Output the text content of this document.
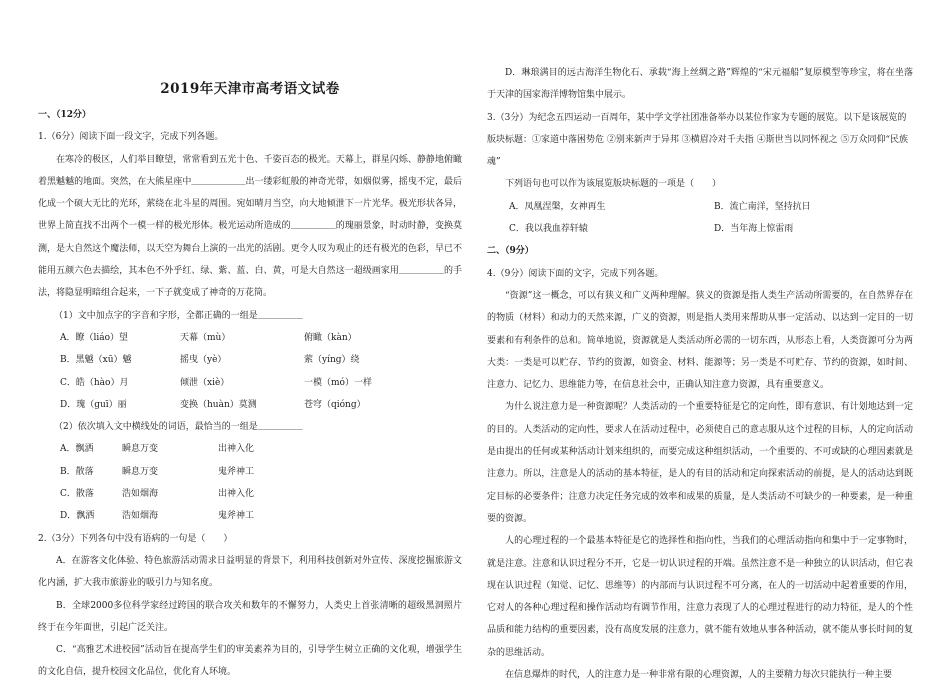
2019年天津市高考语文试卷

一、（12分）

1.（6分）阅读下面一段文字，完成下列各题。

在寒冷的极区，人们举目瞭望，常常看到五光十色、千姿百态的极光。天幕上，群星闪烁、静静地俯瞰着黑魆魆的地面。突然，在大熊星座中＿＿＿＿＿＿出一缕彩虹般的神奇光带，如烟似雾，摇曳不定，最后化成一个硕大无比的光环，萦绕在北斗星的周围。宛如晴月当空，向大地倾泄下一片光华。极光形状各异，世界上简直找不出两个一模一样的极光形体。极光运动所造成的＿＿＿＿＿的瑰丽景象，时动时静，变换莫测，是大自然这个魔法师，以天空为舞台上演的一出光的活剧。更令人叹为观止的还有极光的色彩，早已不能用五颜六色去描绘，其本色不外乎红、绿、紫、蓝、白、黄，可是大自然这一超级画家用＿＿＿＿＿的手法，将隐显明暗组合起来，一下子就变成了神奇的万花筒。

（1）文中加点字的字音和字形，全都正确的一组是＿＿＿＿＿

A．瞭（liáo）望	天幕（mù）	俯瞰（kàn）
B．黑魆（xū）魆	摇曳（yè）	萦（yíng）绕
C．皓（hào）月	倾泄（xiè）	一模（mó）一样
D．瑰（guī）丽	变换（huàn）莫测	苍穹（qióng）

（2）依次填入文中横线处的词语，最恰当的一组是＿＿＿＿＿

A．飘洒	瞬息万变	出神入化
B．散落	瞬息万变	鬼斧神工
C．散落	浩如烟海	出神入化
D．飘洒	浩如烟海	鬼斧神工

2.（3分）下列各句中没有语病的一句是（　　）

A．在游客文化体验、特色旅游活动需求日益明显的背景下，利用科技创新对外宣传、深度挖掘旅游文化内涵，扩大我市旅游业的吸引力与知名度。

B．全球2000多位科学家经过跨国的联合攻关和数年的不懈努力，人类史上首张清晰的超级黑洞照片终于在今年面世，引起广泛关注。

C．“高雅艺术进校园”活动旨在提高学生们的审美素养为目的，引导学生树立正确的文化观，增强学生的文化自信，提升校园文化品位，优化育人环境。

D．琳琅满目的远古海洋生物化石、承载“海上丝绸之路”辉煌的“宋元福船”复原模型等珍宝，将在坐落于天津的国家海洋博物馆集中展示。

3.（3分）为纪念五四运动一百周年，某中学文学社团准备举办以某位作家为专题的展览。以下是该展览的版块标题：①家道中落困势危 ②别来新声于异邦 ③横眉冷对千夫指 ④斯世当以同怀视之 ⑤万众同仰“民族魂”

下列语句也可以作为该展览版块标题的一项是（　　）

A．凤凰涅槃，女神再生	B．流亡南洋，坚持抗日
C．我以我血荐轩辕	D．当年海上惊雷雨

二、（9分）

4.（9分）阅读下面的文字，完成下列各题。

“资源”这一概念，可以有狭义和广义两种理解。狭义的资源是指人类生产活动所需要的，在自然界存在的物质（材料）和动力的天然来源，广义的资源，则是指人类用来帮助从事一定活动、以达到一定目的一切要素和有利条件的总和。简单地说，资源就是人类活动所必需的一切东西，从形态上看，人类资源可分为两大类：一类是可以贮存、节约的资源，如资金、材料、能源等；另一类是不可贮存、节约的资源，如时间、注意力、记忆力、思维能力等，在信息社会中，正确认知注意力资源，具有重要意义。

为什么说注意力是一种资源呢？人类活动的一个重要特征是它的定向性，即有意识、有计划地达到一定的目的。人类活动的定向性，要求人在活动过程中，必须使自己的意志服从这个过程的目标，人的定向活动是由提出的任何或某种活动计划来组织的，而要完成这种组织活动，一个重要的、不可或缺的心理因素就是注意力。所以，注意是人的活动的基本特征，是人的有目的活动和定向探索活动的前提，是人的活动达到既定目标的必要条件；注意力决定任务完成的效率和成果的质量，是人类活动不可缺少的一种要素，是一种重要的资源。

人的心理过程的一个最基本特征是它的选择性和指向性，当我们的心理活动指向和集中于一定事物时，就是注意。注意和认识过程分不开，它是一切认识过程的开端。虽然注意不是一种独立的认识活动，但它表现在认识过程（知觉、记忆、思维等）的内部而与认识过程不可分离，在人的一切活动中起着重要的作用，它对人的各种心理过程和操作活动均有调节作用，注意力表现了人的心理过程进行的动力特征，是人的个性品质和能力结构的重要因素，没有高度发展的注意力，就不能有效地从事各种活动，就不能从事长时间的复杂的思维活动。

在信息爆炸的时代，人的注意力是一种非常有限的心理资源，人的主要精力每次只能执行一种主要
